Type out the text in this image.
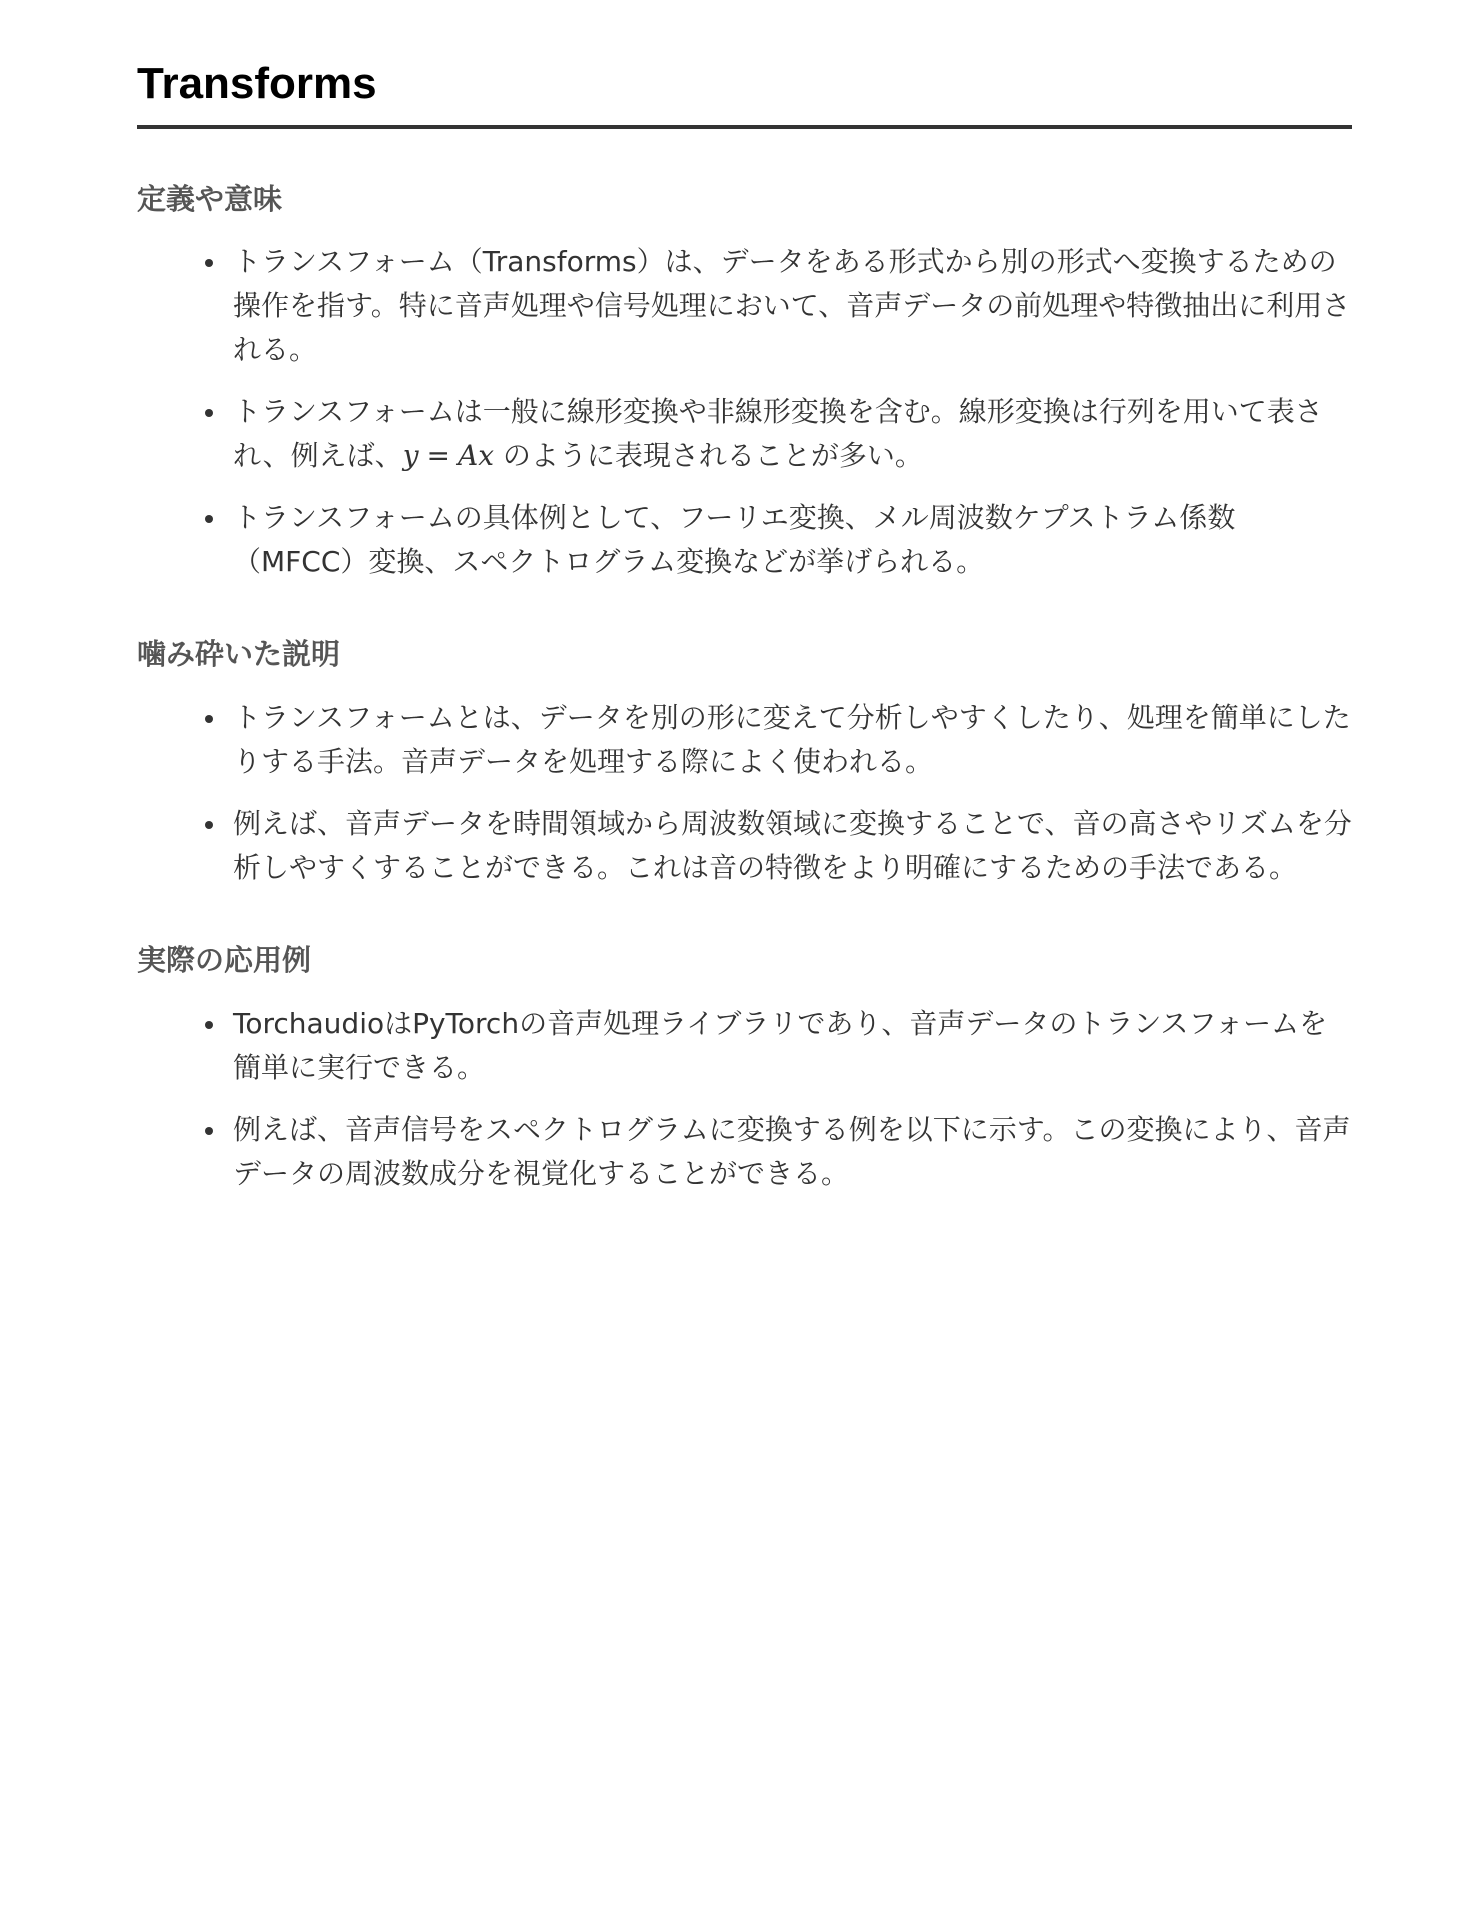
Transforms
定義や意味
トランスフォーム（Transforms）は、データをある形式から別の形式へ変換するための操作を指す。特に音声処理や信号処理において、音声データの前処理や特徴抽出に利用される。
トランスフォームは一般に線形変換や非線形変換を含む。線形変換は行列を用いて表され、例えば、y = Ax のように表現されることが多い。
トランスフォームの具体例として、フーリエ変換、メル周波数ケプストラム係数（MFCC）変換、スペクトログラム変換などが挙げられる。
噛み砕いた説明
トランスフォームとは、データを別の形に変えて分析しやすくしたり、処理を簡単にしたりする手法。音声データを処理する際によく使われる。
例えば、音声データを時間領域から周波数領域に変換することで、音の高さやリズムを分析しやすくすることができる。これは音の特徴をより明確にするための手法である。
実際の応用例
TorchaudioはPyTorchの音声処理ライブラリであり、音声データのトランスフォームを簡単に実行できる。
例えば、音声信号をスペクトログラムに変換する例を以下に示す。この変換により、音声データの周波数成分を視覚化することができる。
